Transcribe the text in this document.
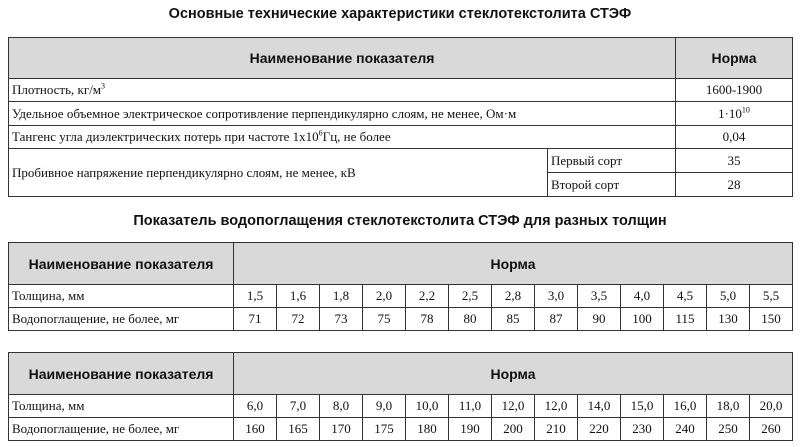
Основные технические характеристики стеклотекстолита СТЭФ
Наименование показателя		Норма
Плотность, $кг/м^3$		1600-1900
Удельное объемное электрическое сопротивление перпендикулярно слоям, не менее, Ом·м		$1\cdot 10^{10}$
Тангенс угла диэлектрических потерь при частоте $1х10^6Гц$, не более		0,04
Пробивное напряжение перпендикулярно слоям, не менее, кВ	Первый сорт	35
	Второй сорт	28
Показатель водопоглащения стеклотекстолита СТЭФ для разных толщин
Наименование показателя	Норма												
Толщина, мм	1,5	1,6	1,8	2,0	2,2	2,5	2,8	3,0	3,5	4,0	4,5	5,0	5,5
Водопоглащение, не более, мг	71	72	73	75	78	80	85	87	90	100	115	130	150
Наименование показателя	Норма												
Толщина, мм	6,0	7,0	8,0	9,0	10,0	11,0	12,0	12,0	14,0	15,0	16,0	18,0	20,0
Водопоглащение, не более, мг	160	165	170	175	180	190	200	210	220	230	240	250	260
